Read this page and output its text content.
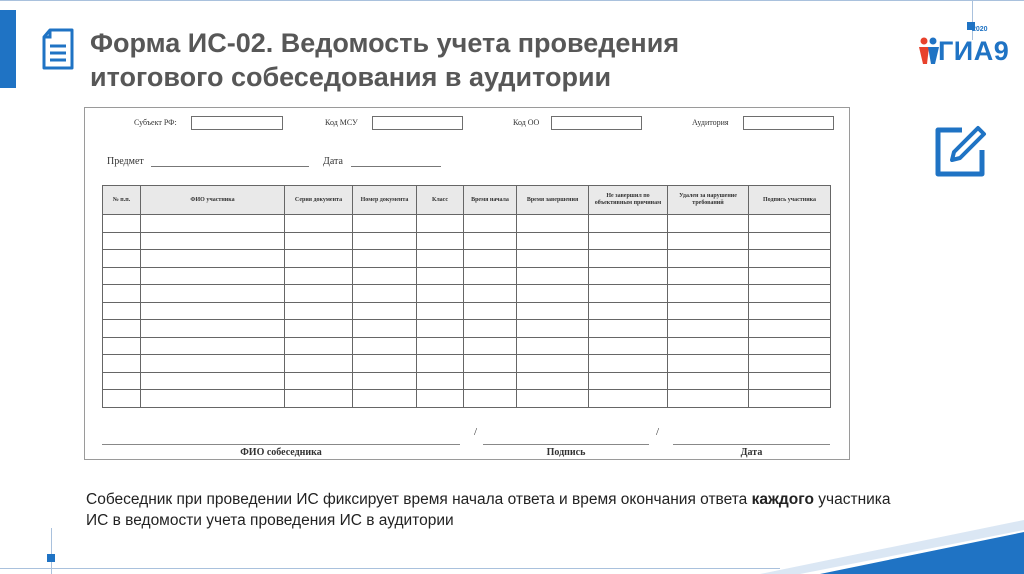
Форма ИС-02. Ведомость учета проведения
итогового собеседования в аудитории
2020
ГИА9
Субъект РФ:	Код МСУ	Код ОО	Аудитория
Предмет	Дата
№ п.п.	ФИО участника	Серия документа	Номер документа	Класс	Время начала	Время завершения	Не завершил по объективным причинам	Удален за нарушение требований	Подпись участника

/	/
ФИО собеседника	Подпись	Дата
Собеседник при проведении ИС фиксирует время начала ответа и время окончания ответа каждого участника ИС в ведомости учета проведения ИС в аудитории
